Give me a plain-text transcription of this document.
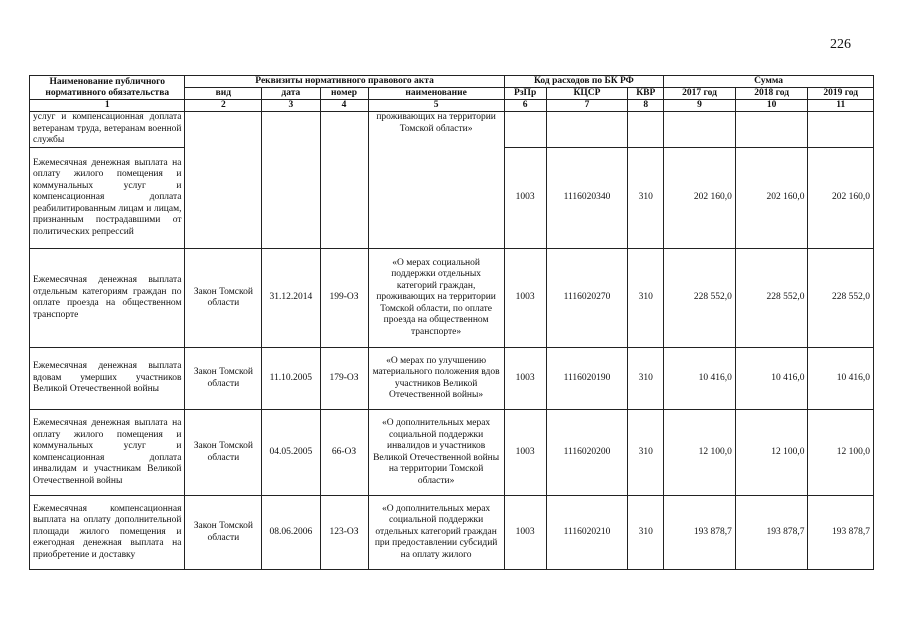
226
Наименование публичного нормативного обязательства	Реквизиты нормативного правового акта				Код расходов по БК РФ			Сумма		
	вид	дата	номер	наименование	РзПр	КЦСР	КВР	2017 год	2018 год	2019 год
1	2	3	4	5	6	7	8	9	10	11
услуг и компенсационная доплата ветеранам труда, ветеранам военной службы				проживающих на территории Томской области»						
Ежемесячная денежная выплата на оплату жилого помещения и коммунальных услуг и компенсационная доплата реабилитированным лицам и лицам, признанным пострадавшими от политических репрессий					1003	1116020340	310	202 160,0	202 160,0	202 160,0
Ежемесячная денежная выплата отдельным категориям граждан по оплате проезда на общественном транспорте	Закон Томской области	31.12.2014	199-ОЗ	«О мерах социальной поддержки отдельных категорий граждан, проживающих на территории Томской области, по оплате проезда на общественном транспорте»	1003	1116020270	310	228 552,0	228 552,0	228 552,0
Ежемесячная денежная выплата вдовам умерших участников Великой Отечественной войны	Закон Томской области	11.10.2005	179-ОЗ	«О мерах по улучшению материального положения вдов участников Великой Отечественной войны»	1003	1116020190	310	10 416,0	10 416,0	10 416,0
Ежемесячная денежная выплата на оплату жилого помещения и коммунальных услуг и компенсационная доплата инвалидам и участникам Великой Отечественной войны	Закон Томской области	04.05.2005	66-ОЗ	«О дополнительных мерах социальной поддержки инвалидов и участников Великой Отечественной войны на территории Томской области»	1003	1116020200	310	12 100,0	12 100,0	12 100,0
Ежемесячная компенсационная выплата на оплату дополнительной площади жилого помещения и ежегодная денежная выплата на приобретение и доставку	Закон Томской области	08.06.2006	123-ОЗ	«О дополнительных мерах социальной поддержки отдельных категорий граждан при предоставлении субсидий на оплату жилого	1003	1116020210	310	193 878,7	193 878,7	193 878,7
